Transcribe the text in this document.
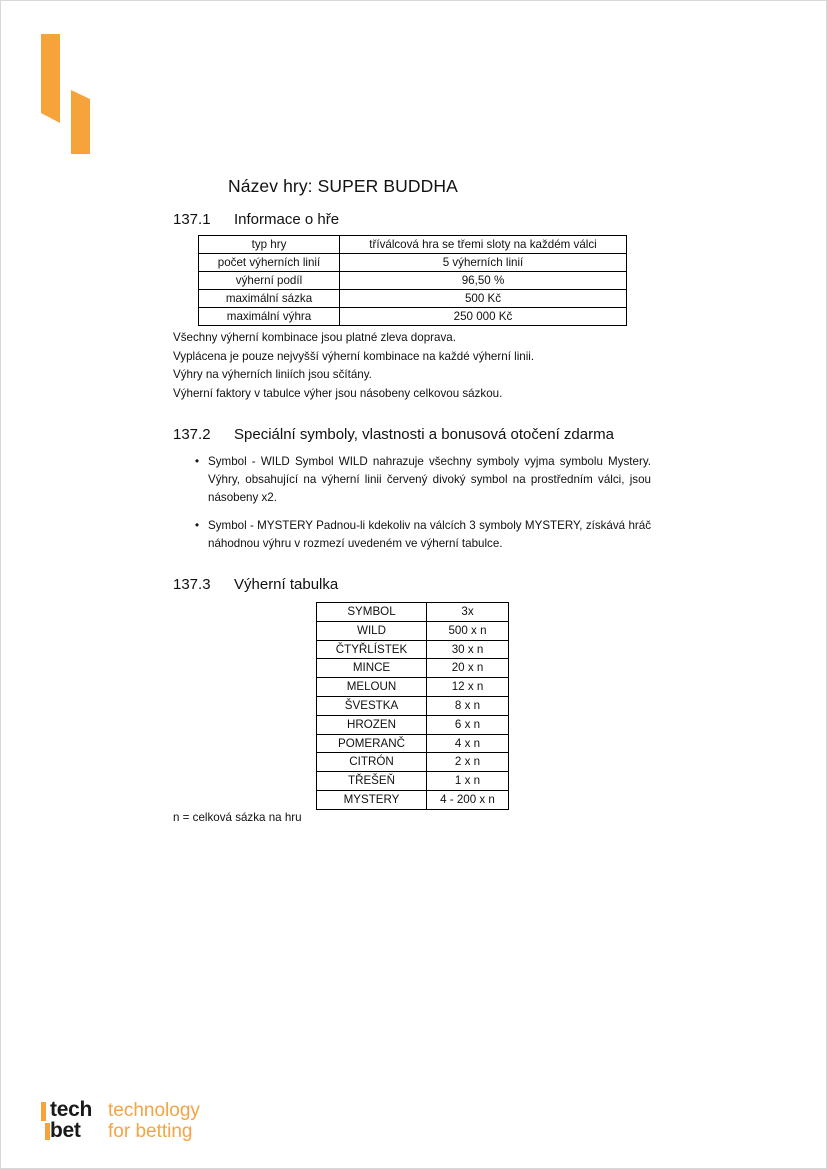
Název hry: SUPER BUDDHA
137.1 Informace o hře
typ hry	tříválcová hra se třemi sloty na každém válci
počet výherních linií	5 výherních linií
výherní podíl	96,50 %
maximální sázka	500 Kč
maximální výhra	250 000 Kč
Všechny výherní kombinace jsou platné zleva doprava.
Vyplácena je pouze nejvyšší výherní kombinace na každé výherní linii.
Výhry na výherních liniích jsou sčítány.
Výherní faktory v tabulce výher jsou násobeny celkovou sázkou.
137.2 Speciální symboly, vlastnosti a bonusová otočení zdarma
• Symbol - WILD Symbol WILD nahrazuje všechny symboly vyjma symbolu Mystery. Výhry, obsahující na výherní linii červený divoký symbol na prostředním válci, jsou násobeny x2.
• Symbol - MYSTERY Padnou-li kdekoliv na válcích 3 symboly MYSTERY, získává hráč náhodnou výhru v rozmezí uvedeném ve výherní tabulce.
137.3 Výherní tabulka
SYMBOL	3x
WILD	500 x n
ČTYŘLÍSTEK	30 x n
MINCE	20 x n
MELOUN	12 x n
ŠVESTKA	8 x n
HROZEN	6 x n
POMERANČ	4 x n
CITRÓN	2 x n
TŘEŠEŇ	1 x n
MYSTERY	4 - 200 x n
n = celková sázka na hru
tech
bet
technology
for betting
